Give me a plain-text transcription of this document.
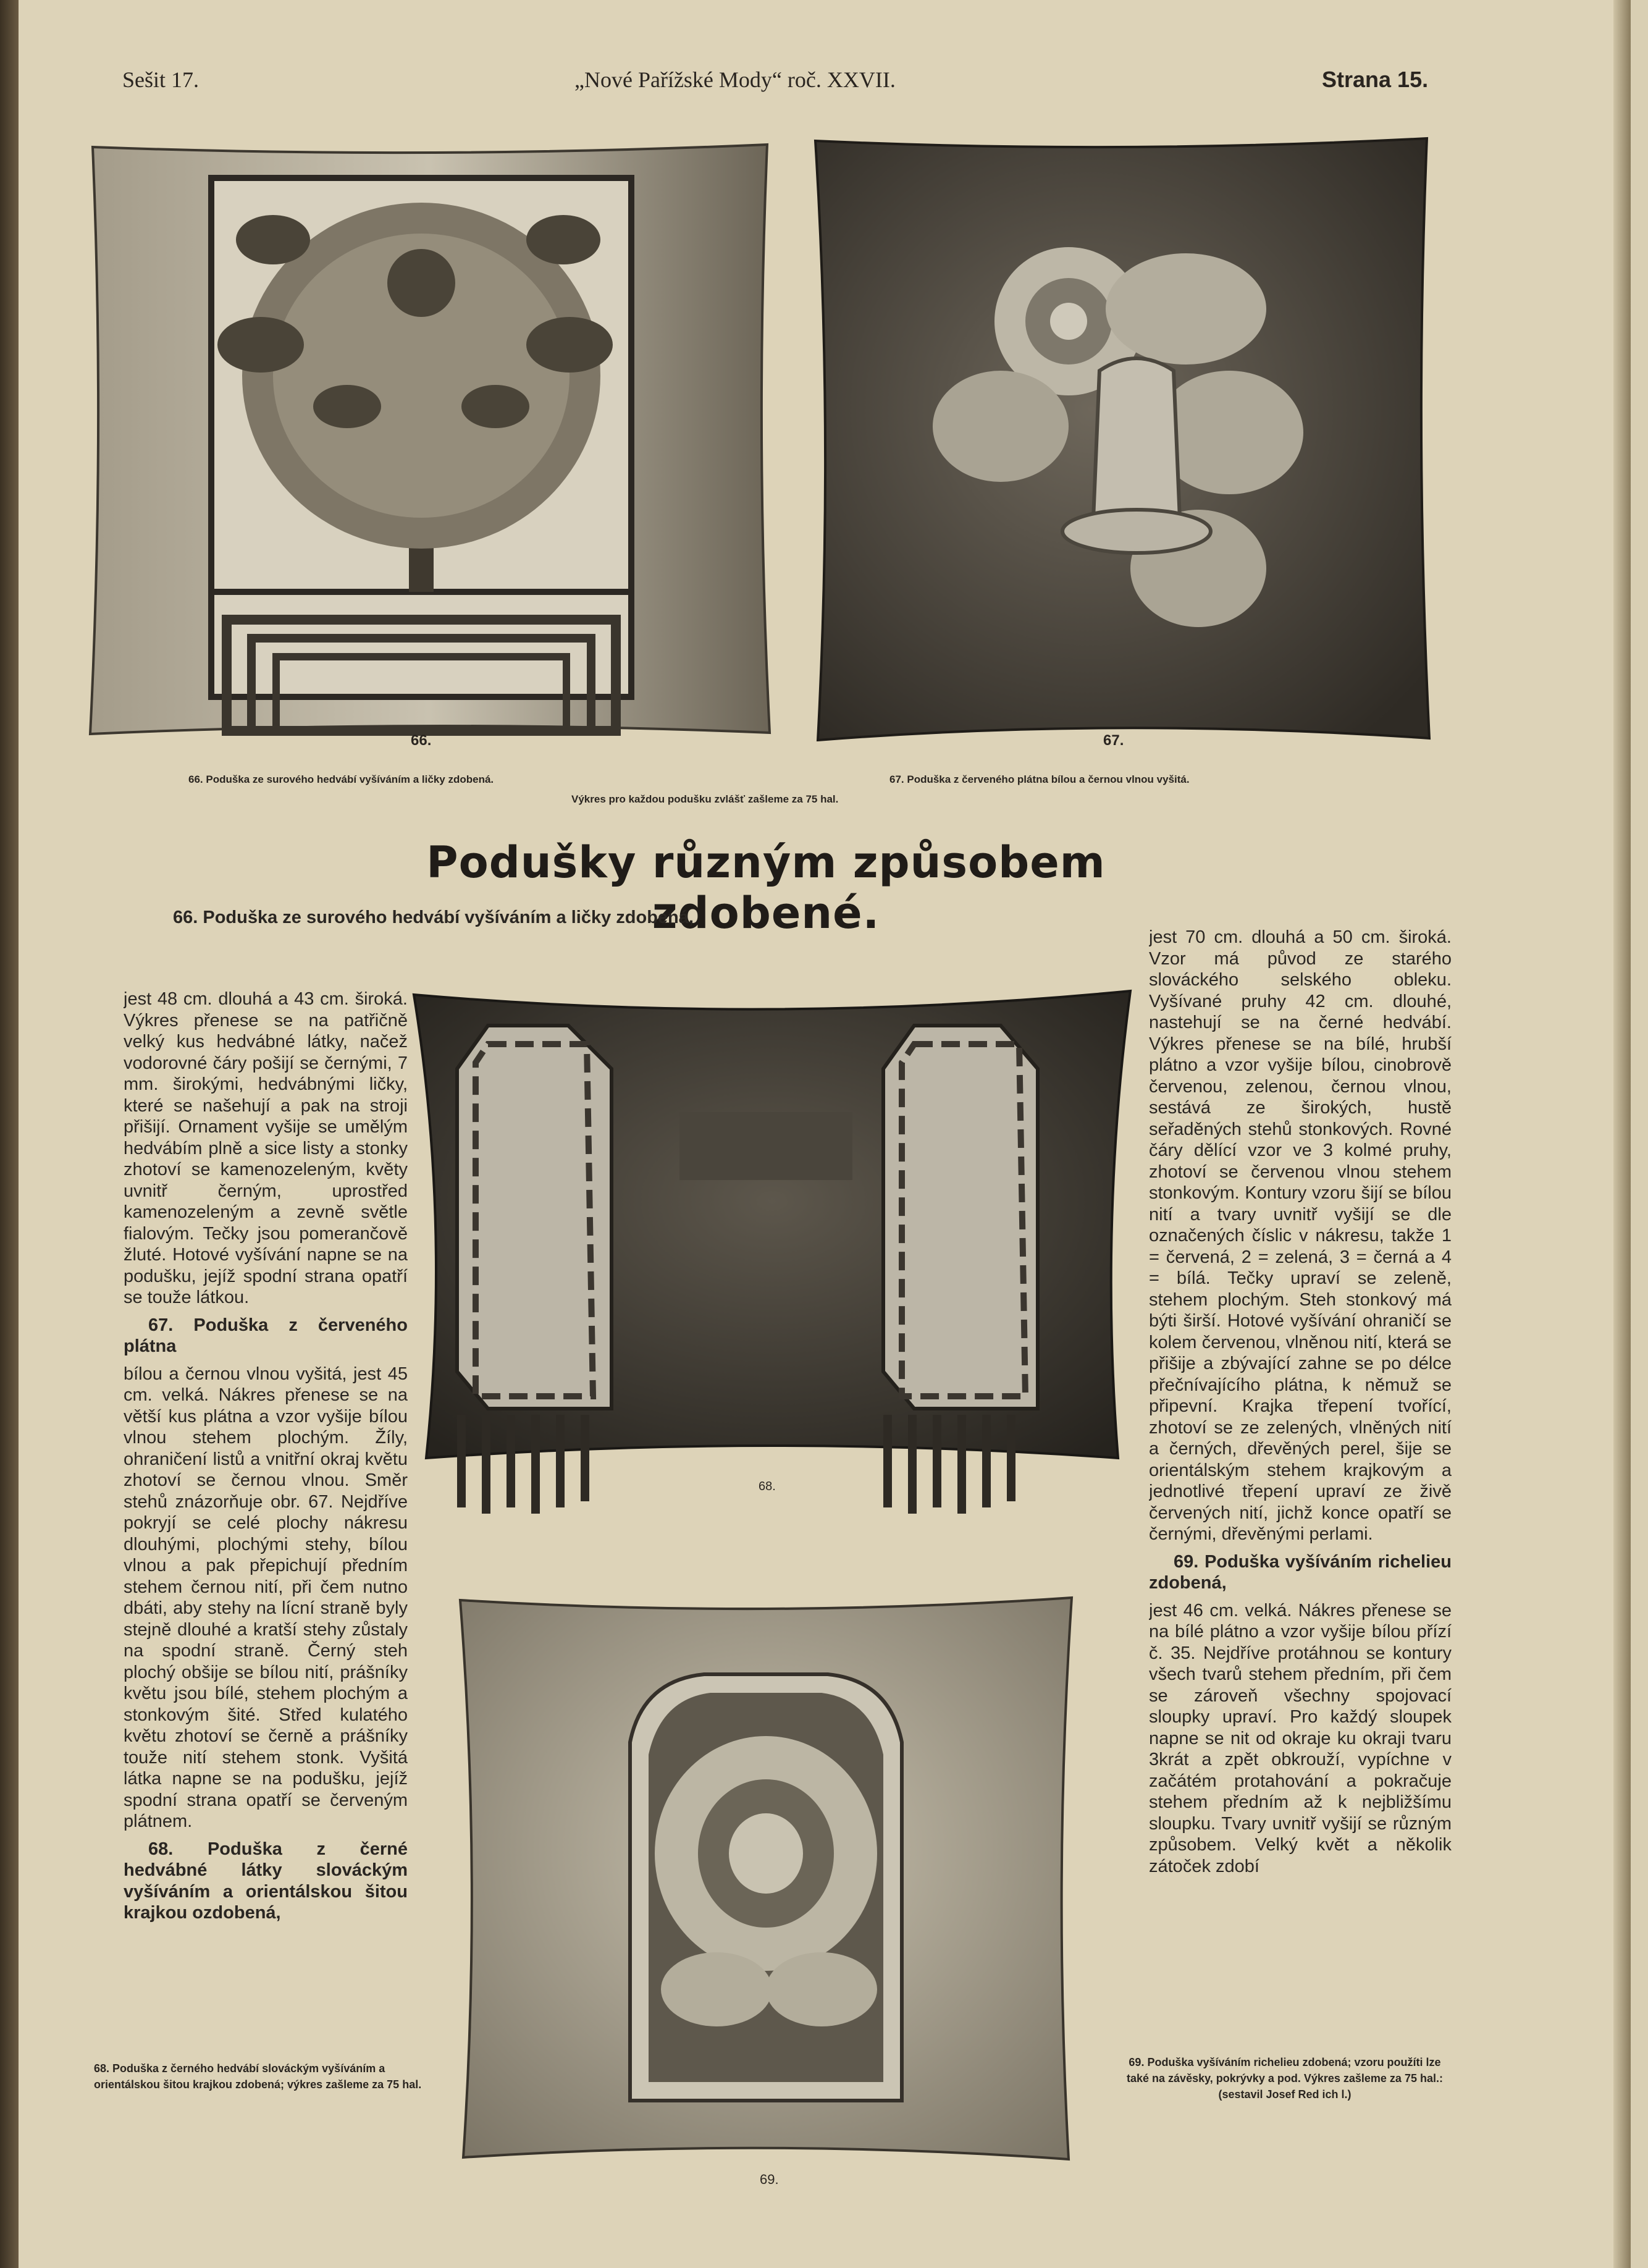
Sešit 17.	„Nové Pařížské Mody“ roč. XXVII.	Strana 15.
66.	67.
66. Poduška ze surového hedvábí vyšíváním a ličky zdobená.	67. Poduška z červeného plátna bílou a černou vlnou vyšitá.
Výkres pro každou podušku zvlášť zašleme za 75 hal.
Podušky různým způsobem zdobené.
68.
69.
68. Poduška z černého hedvábí slováckým vyšíváním a orientálskou šitou krajkou zdobená; výkres zašleme za 75 hal.
69. Poduška vyšíváním richelieu zdobená; vzoru použíti lze také na závěsky, pokrývky a pod. Výkres zašleme za 75 hal.: (sestavil Josef Red ich l.)

66. Poduška ze surového hedvábí vyšíváním a ličky zdobená,

jest 48 cm. dlouhá a 43 cm. široká. Výkres přenese se na patřičně velký kus hedvábné látky, načež vodorovné čáry pošijí se černými, 7 mm. širokými, hedvábnými ličky, které se našehují a pak na stroji přišijí. Ornament vyšije se umělým hedvábím plně a sice listy a stonky zhotoví se kamenozeleným, květy uvnitř černým, uprostřed kamenozeleným a zevně světle fialovým. Tečky jsou pomerančově žluté. Hotové vyšívání napne se na podušku, jejíž spodní strana opatří se touže látkou.

67. Poduška z červeného plátna

bílou a černou vlnou vyšitá, jest 45 cm. velká. Nákres přenese se na větší kus plátna a vzor vyšije bílou vlnou stehem plochým. Žíly, ohraničení listů a vnitřní okraj květu zhotoví se černou vlnou. Směr stehů znázorňuje obr. 67. Nejdříve pokryjí se celé plochy nákresu dlouhými, plochými stehy, bílou vlnou a pak přepichují předním stehem černou nití, při čem nutno dbáti, aby stehy na lícní straně byly stejně dlouhé a kratší stehy zůstaly na spodní straně. Černý steh plochý obšije se bílou nití, prášníky květu jsou bílé, stehem plochým a stonkovým šité. Střed kulatého květu zhotoví se černě a prášníky touže nití stehem stonk. Vyšitá látka napne se na podušku, jejíž spodní strana opatří se červeným plátnem.

68. Poduška z černé hedvábné látky slováckým vyšíváním a orientálskou šitou krajkou ozdobená,

jest 70 cm. dlouhá a 50 cm. široká. Vzor má původ ze starého slováckého selského obleku. Vyšívané pruhy 42 cm. dlouhé, nastehují se na černé hedvábí. Výkres přenese se na bílé, hrubší plátno a vzor vyšije bílou, cinobrově červenou, zelenou, černou vlnou, sestává ze širokých, hustě seřaděných stehů stonkových. Rovné čáry dělící vzor ve 3 kolmé pruhy, zhotoví se červenou vlnou stehem stonkovým. Kontury vzoru šijí se bílou nití a tvary uvnitř vyšijí se dle označených číslic v nákresu, takže 1 = červená, 2 = zelená, 3 = černá a 4 = bílá. Tečky upraví se zeleně, stehem plochým. Steh stonkový má býti širší. Hotové vyšívání ohraničí se kolem červenou, vlněnou nití, která se přišije a zbývající zahne se po délce přečnívajícího plátna, k němuž se připevní. Krajka třepení tvořící, zhotoví se ze zelených, vlněných nití a černých, dřevěných perel, šije se orientálským stehem krajkovým a jednotlivé třepení upraví ze živě červených nití, jichž konce opatří se černými, dřevěnými perlami.

69. Poduška vyšíváním richelieu zdobená,

jest 46 cm. velká. Nákres přenese se na bílé plátno a vzor vyšije bílou přízí č. 35. Nejdříve protáhnou se kontury všech tvarů stehem předním, při čem se zároveň všechny spojovací sloupky upraví. Pro každý sloupek napne se nit od okraje ku okraji tvaru 3krát a zpět obkrouží, vypíchne v začátém protahování a pokračuje stehem předním až k nejbližšímu sloupku. Tvary uvnitř vyšijí se různým způsobem. Velký květ a několik zátoček zdobí
